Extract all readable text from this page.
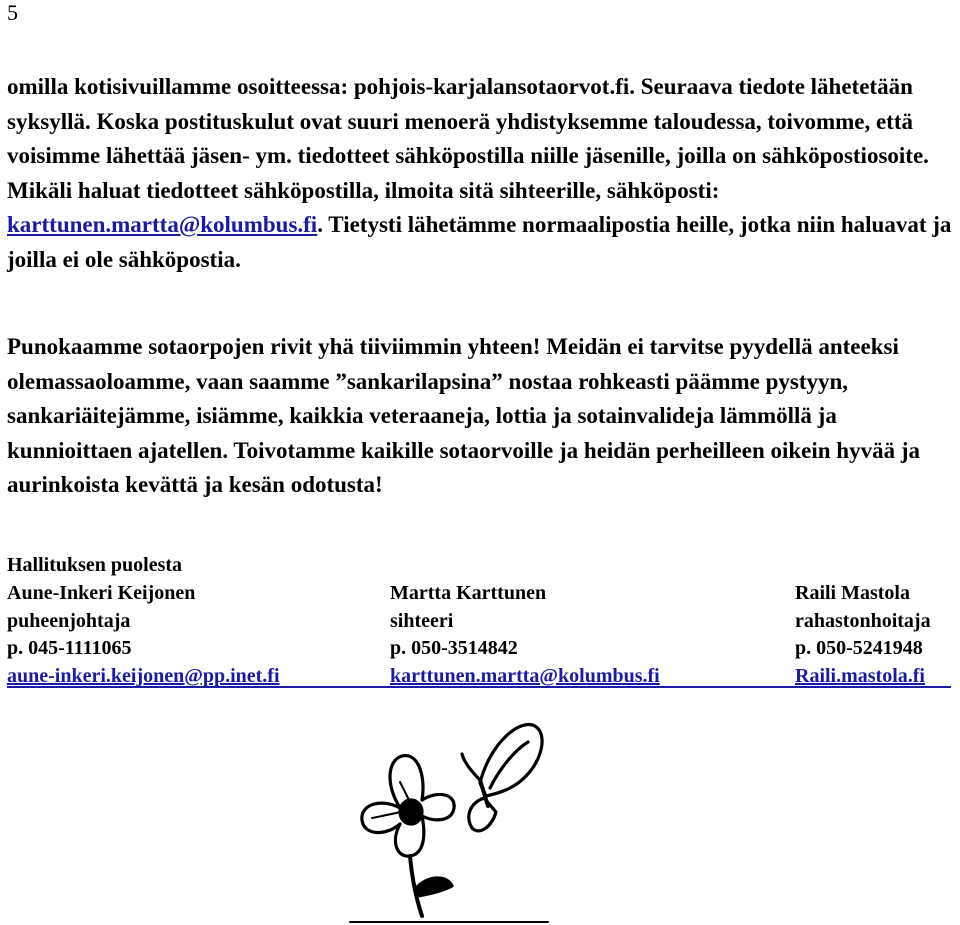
5

omilla kotisivuillamme osoitteessa: pohjois-karjalansotaorvot.fi. Seuraava tiedote lähetetään syksyllä. Koska postituskulut ovat suuri menoerä yhdistyksemme taloudessa, toivomme, että voisimme lähettää jäsen- ym. tiedotteet sähköpostilla niille jäsenille, joilla on sähköpostiosoite. Mikäli haluat tiedotteet sähköpostilla, ilmoita sitä sihteerille, sähköposti: karttunen.martta@kolumbus.fi. Tietysti lähetämme normaalipostia heille, jotka niin haluavat ja joilla ei ole sähköpostia.

Punokaamme sotaorpojen rivit yhä tiiviimmin yhteen! Meidän ei tarvitse pyydellä anteeksi olemassaoloamme, vaan saamme ”sankarilapsina” nostaa rohkeasti päämme pystyyn, sankariäitejämme, isiämme, kaikkia veteraaneja, lottia ja sotainvalideja lämmöllä ja kunnioittaen ajatellen. Toivotamme kaikille sotaorvoille ja heidän perheilleen oikein hyvää ja aurinkoista kevättä ja kesän odotusta!

Hallituksen puolesta
Aune-Inkeri Keijonen
puheenjohtaja
p. 045-1111065
aune-inkeri.keijonen@pp.inet.fi
Martta Karttunen
sihteeri
p. 050-3514842
karttunen.martta@kolumbus.fi
Raili Mastola
rahastonhoitaja
p. 050-5241948
Raili.mastola.fi
